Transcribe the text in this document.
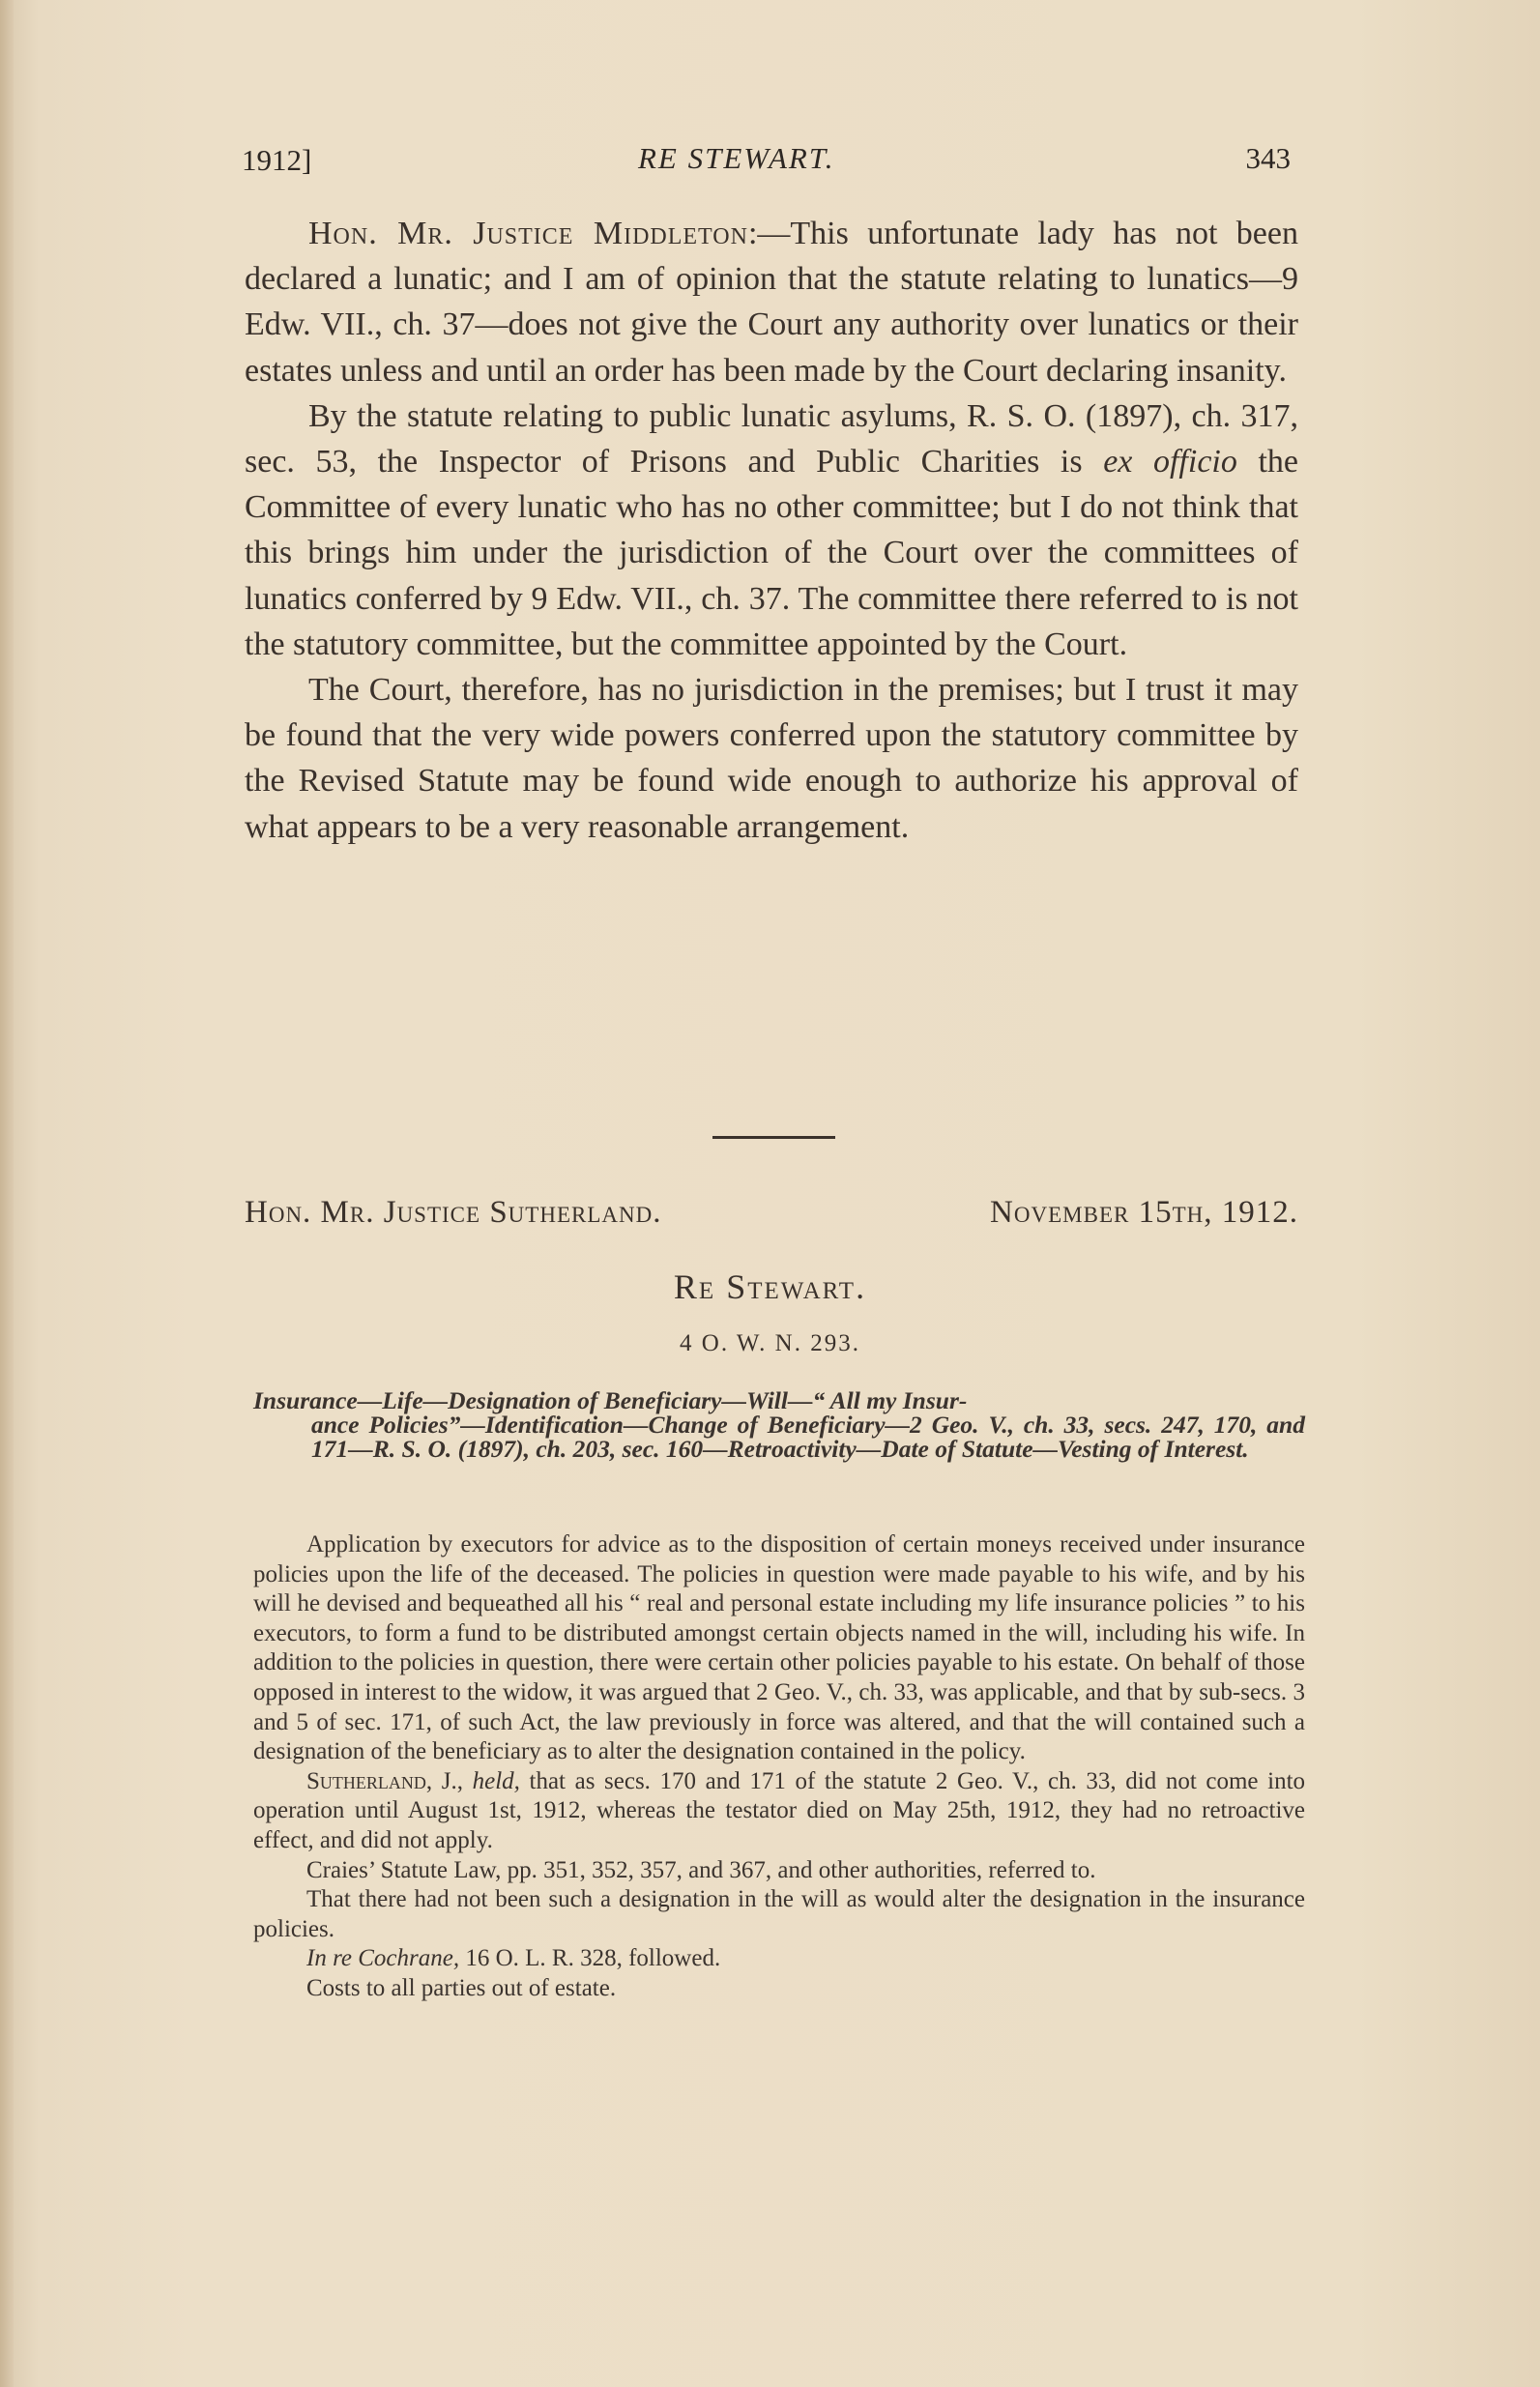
1912]	RE STEWART.	343

Hon. Mr. Justice Middleton:—This unfortunate lady has not been declared a lunatic; and I am of opinion that the statute relating to lunatics—9 Edw. VII., ch. 37—does not give the Court any authority over lunatics or their estates unless and until an order has been made by the Court declaring insanity.

By the statute relating to public lunatic asylums, R. S. O. (1897), ch. 317, sec. 53, the Inspector of Prisons and Public Charities is ex officio the Committee of every lunatic who has no other committee; but I do not think that this brings him under the jurisdiction of the Court over the committees of lunatics conferred by 9 Edw. VII., ch. 37. The committee there referred to is not the statutory committee, but the committee appointed by the Court.

The Court, therefore, has no jurisdiction in the premises; but I trust it may be found that the very wide powers conferred upon the statutory committee by the Revised Statute may be found wide enough to authorize his approval of what appears to be a very reasonable arrangement.

Hon. Mr. Justice Sutherland.	November 15th, 1912.
Re Stewart.
4 O. W. N. 293.
Insurance—Life—Designation of Beneficiary—Will—“ All my Insur-
ance Policies”—Identification—Change of Beneficiary—2 Geo. V., ch. 33, secs. 247, 170, and 171—R. S. O. (1897), ch. 203, sec. 160—Retroactivity—Date of Statute—Vesting of Interest.

Application by executors for advice as to the disposition of certain moneys received under insurance policies upon the life of the deceased. The policies in question were made payable to his wife, and by his will he devised and bequeathed all his “ real and personal estate including my life insurance policies ” to his executors, to form a fund to be distributed amongst certain objects named in the will, including his wife. In addition to the policies in question, there were certain other policies payable to his estate. On behalf of those opposed in interest to the widow, it was argued that 2 Geo. V., ch. 33, was applicable, and that by sub-secs. 3 and 5 of sec. 171, of such Act, the law previously in force was altered, and that the will contained such a designation of the beneficiary as to alter the designation contained in the policy.

Sutherland, J., held, that as secs. 170 and 171 of the statute 2 Geo. V., ch. 33, did not come into operation until August 1st, 1912, whereas the testator died on May 25th, 1912, they had no retroactive effect, and did not apply.

Craies’ Statute Law, pp. 351, 352, 357, and 367, and other authorities, referred to.

That there had not been such a designation in the will as would alter the designation in the insurance policies.

In re Cochrane, 16 O. L. R. 328, followed.

Costs to all parties out of estate.
